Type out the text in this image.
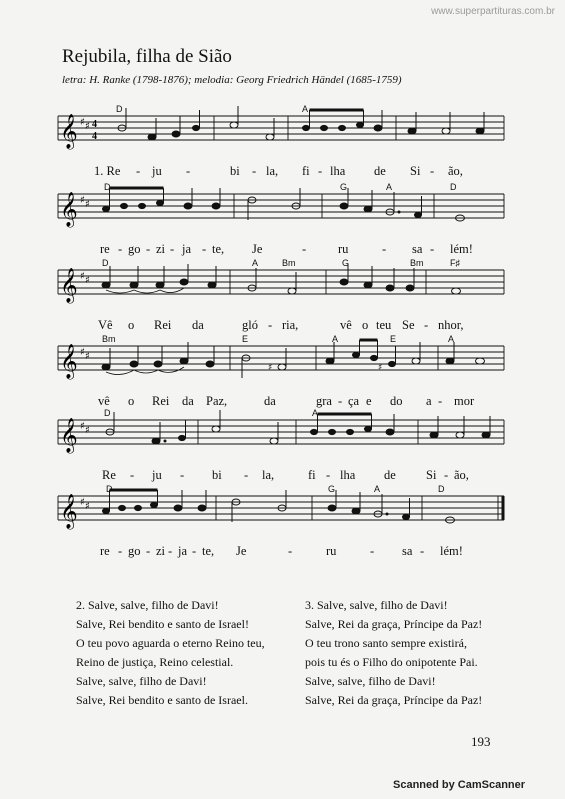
www.superpartituras.com.br
Rejubila, filha de Sião
letra: H. Ranke (1798-1876); melodia: Georg Friedrich Händel (1685-1759)
D	A
𝄞 ♯ ♯ 4
4
1. Re - ju -	bi - la, fi - lha de Si - ão,
D	G	A	D
𝄞 ♯ ♯
re - go - zi - ja - te, Je	-	ru	- sa - lém!
D	A	Bm	G	Bm	F♯
𝄞 ♯ ♯
Vê o Rei da	gló - ria,	vê o teu Se - nhor,
Bm	E	A	E	A
𝄞 ♯ ♯
♯	♯
vê o Rei da Paz,	da	gra - ça e do a - mor
D	A
𝄞 ♯ ♯
Re - ju - bi - la,	fi - lha de Si - ão,
D	G	A	D
𝄞 ♯ ♯
re - go - zi - ja - te, Je	-	ru	- sa - lém!
2. Salve, salve, filho de Davi!
Salve, Rei bendito e santo de Israel!
O teu povo aguarda o eterno Reino teu,
Reino de justiça, Reino celestial.
Salve, salve, filho de Davi!
Salve, Rei bendito e santo de Israel.
3. Salve, salve, filho de Davi!
Salve, Rei da graça, Príncipe da Paz!
O teu trono santo sempre existirá,
pois tu és o Filho do onipotente Pai.
Salve, salve, filho de Davi!
Salve, Rei da graça, Príncipe da Paz!
193
Scanned by CamScanner
